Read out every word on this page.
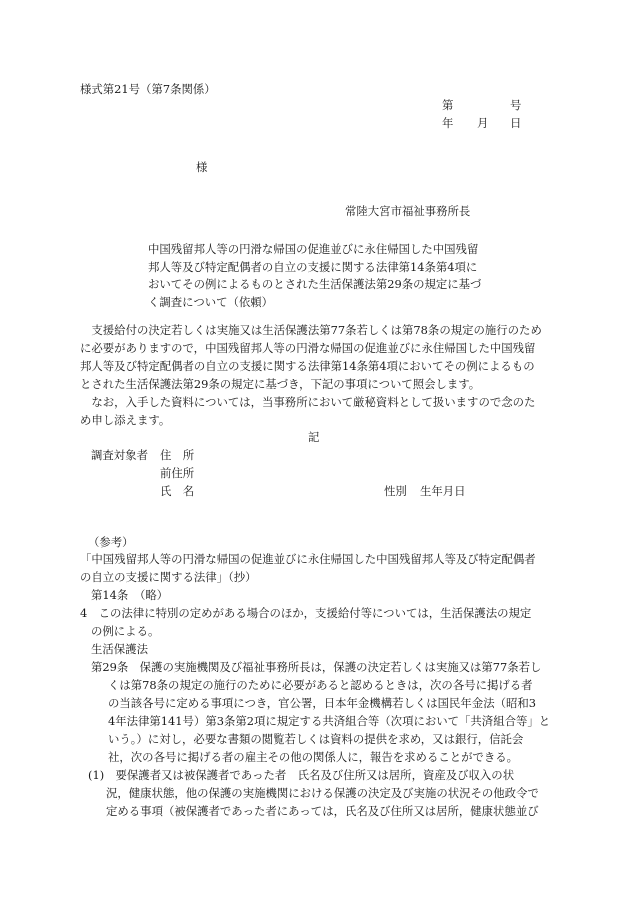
様式第21号（第7条関係）
第	号
年 月 日
様
常陸大宮市福祉事務所長
中国残留邦人等の円滑な帰国の促進並びに永住帰国した中国残留
邦人等及び特定配偶者の自立の支援に関する法律第14条第4項に
おいてその例によるものとされた生活保護法第29条の規定に基づ
く調査について（依頼）
　支援給付の決定若しくは実施又は生活保護法第77条若しくは第78条の規定の施行のため
に必要がありますので，中国残留邦人等の円滑な帰国の促進並びに永住帰国した中国残留
邦人等及び特定配偶者の自立の支援に関する法律第14条第4項においてその例によるもの
とされた生活保護法第29条の規定に基づき，下記の事項について照会します。
　なお，入手した資料については，当事務所において厳秘資料として扱いますので念のた
め申し添えます。
記
調査対象者 住　所
前住所
氏　名	性別 生年月日
（参考）
「中国残留邦人等の円滑な帰国の促進並びに永住帰国した中国残留邦人等及び特定配偶者
の自立の支援に関する法律」（抄）
第14条　（略）
4　この法律に特別の定めがある場合のほか，支援給付等については，生活保護法の規定
の例による。
生活保護法
第29条　保護の実施機関及び福祉事務所長は，保護の決定若しくは実施又は第77条若し
くは第78条の規定の施行のために必要があると認めるときは，次の各号に掲げる者
の当該各号に定める事項につき，官公署，日本年金機構若しくは国民年金法（昭和3
4年法律第141号）第3条第2項に規定する共済組合等（次項において「共済組合等」と
いう。）に対し，必要な書類の閲覧若しくは資料の提供を求め，又は銀行，信託会
社，次の各号に掲げる者の雇主その他の関係人に，報告を求めることができる。
(1)　要保護者又は被保護者であった者　氏名及び住所又は居所，資産及び収入の状
況，健康状態，他の保護の実施機関における保護の決定及び実施の状況その他政令で
定める事項（被保護者であった者にあっては，氏名及び住所又は居所，健康状態並び
